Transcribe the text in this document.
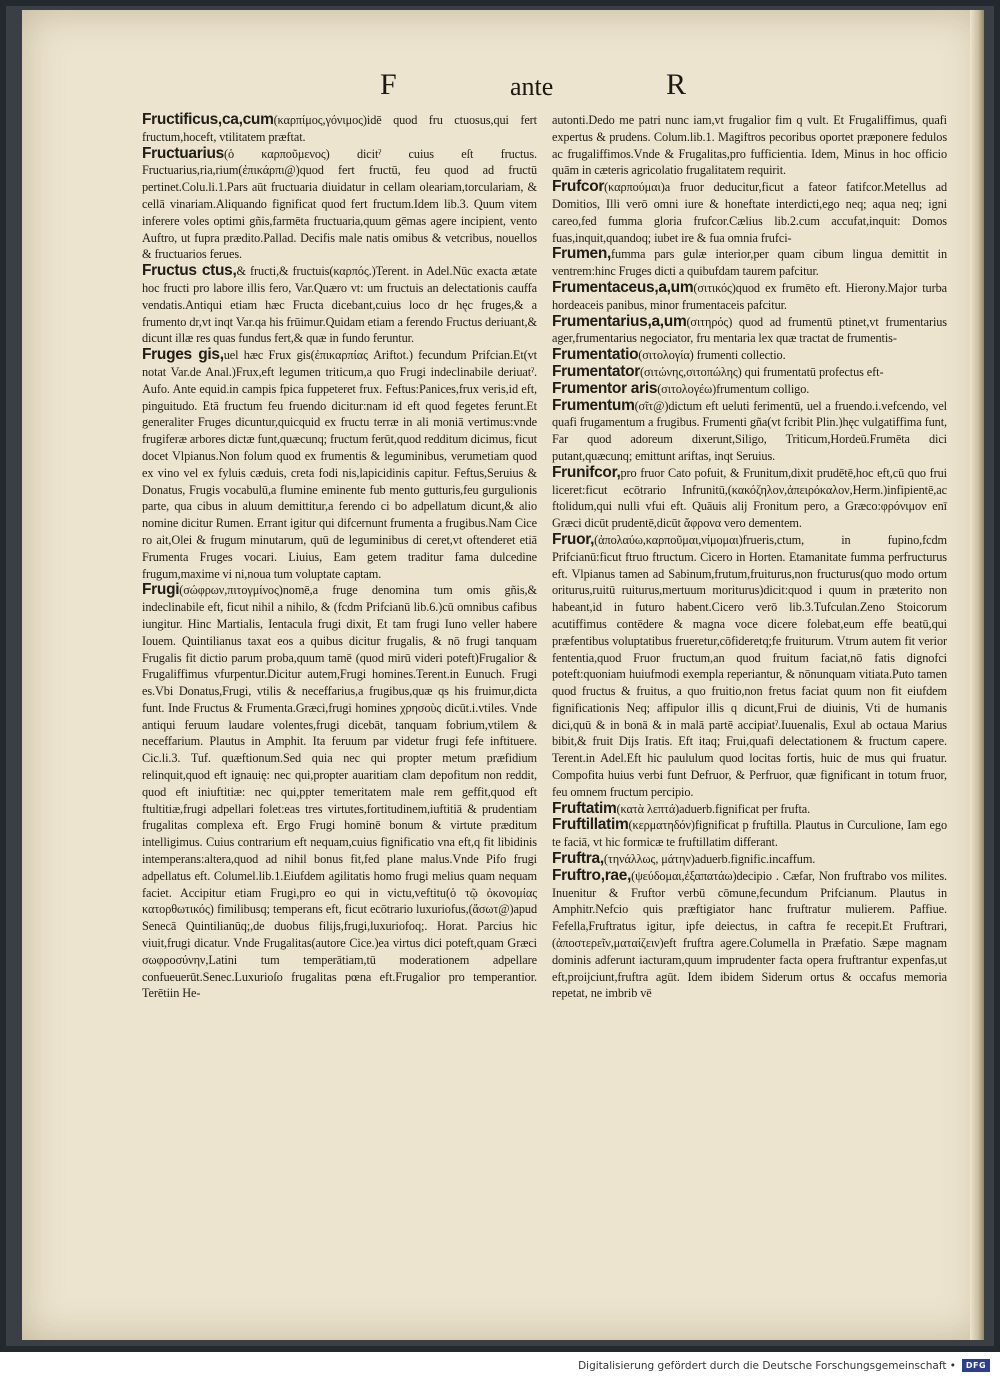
F	ante	R

Fructificus,ca,cum(καρπίμος,γόνιμος)idē quod fru ctuosus,qui fert fructum,hoceft, vtilitatem præftat.

Fructuarius(ὁ καρποῦμενος) dicitˀ cuius eſt fructus. Fructuarius,ria,rium(ἐπικάρπι@)quod fert fructū, feu quod ad fructū pertinet.Colu.li.1.Pars aūt fructuaria diuidatur in cellam oleariam,torculariam, & cellā vinariam.Aliquando fignificat quod fert fructum.Idem lib.3. Quum vitem inferere voles optimi gñis,farmēta fructuaria,quum gēmas agere incipient, vento Auftro, ut fupra prædito.Pallad. Decifis male natis omibus & vetcribus, nouellos & fructuarios ferues.

Fructus ctus,& fructi,& fructuis(καρπός.)Terent. in Adel.Nūc exacta ætate hoc fructi pro labore illis fero, Var.Quæro vt: um fructuis an delectationis cauffa vendatis.Antiqui etiam hæc Fructa dicebant,cuius loco dr hęc fruges,& a frumento dr,vt inqt Var.qa his frūimur.Quidam etiam a ferendo Fructus deriuant,& dicunt illæ res quas fundus fert,& quæ in fundo feruntur.

Fruges gis,uel hæc Frux gis(ἐπικαρπίας Ariftot.) fecundum Prifcian.Et(vt notat Var.de Anal.)Frux,eft legumen triticum,a quo Frugi indeclinabile deriuatˀ. Aufo. Ante equid.in campis fpica fuppeteret frux. Feftus:Panices,frux veris,id eft, pinguitudo. Etā fructum feu fruendo dicitur:nam id eft quod fegetes ferunt.Et generaliter Fruges dicuntur,quicquid ex fructu terræ in ali moniā vertimus:vnde frugiferæ arbores dictæ funt,quæcunq; fructum ferūt,quod redditum dicimus, ficut docet Vlpianus.Non folum quod ex frumentis & leguminibus, verumetiam quod ex vino vel ex fyluis cæduis, creta fodi nis,lapicidinis capitur. Feftus,Seruius & Donatus, Frugis vocabulū,a flumine eminente fub mento gutturis,feu gurgulionis parte, qua cibus in aluum demittitur,a ferendo ci bo adpellatum dicunt,& alio nomine dicitur Rumen. Errant igitur qui difcernunt frumenta a frugibus.Nam Cice ro ait,Olei & frugum minutarum, quū de leguminibus di ceret,vt oftenderet etiā Frumenta Fruges vocari. Liuius, Eam getem traditur fama dulcedine frugum,maxime vi ni,noua tum voluptate captam.

Frugi(σώφρων,πιτογμίνος)nomē,a fruge denomina tum omis gñis,& indeclinabile eft, ficut nihil a nihilo, & (fcdm Prifcianū lib.6.)cū omnibus cafibus iungitur. Hinc Martialis, Ientacula frugi dixit, Et tam frugi Iuno veller habere Iouem. Quintilianus taxat eos a quibus dicitur frugalis, & nō frugi tanquam Frugalis fit dictio parum proba,quum tamē (quod mirū videri poteft)Frugalior & Frugaliffimus vfurpentur.Dicitur autem,Frugi homines.Terent.in Eunuch. Frugi es.Vbi Donatus,Frugi, vtilis & neceffarius,a frugibus,quæ qs his fruimur,dicta funt. Inde Fructus & Frumenta.Græci,frugi homines χρησοὺς dicūt.i.vtiles. Vnde antiqui feruum laudare volentes,frugi dicebāt, tanquam fobrium,vtilem & neceffarium. Plautus in Amphit. Ita feruum par videtur frugi fefe inftituere. Cic.li.3. Tuf. quæftionum.Sed quia nec qui propter metum præfidium relinquit,quod eft ignauię: nec qui,propter auaritiam clam depofitum non reddit, quod eft iniuftitiæ: nec qui,ppter temeritatem male rem geffit,quod eft ftultitiæ,frugi adpellari folet:eas tres virtutes,fortitudinem,iuftitiā & prudentiam frugalitas complexa eft. Ergo Frugi hominē bonum & virtute præditum intelligimus. Cuius contrarium eft nequam,cuius fignificatio vna eft,q fit libidinis intemperans:altera,quod ad nihil bonus fit,fed plane malus.Vnde Pifo frugi adpellatus eft. Columel.lib.1.Eiufdem agilitatis homo frugi melius quam nequam faciet. Accipitur etiam Frugi,pro eo qui in victu,veftitu(ὁ τῷ ὀκονομίας κατορθωτικός) fimilibusq; temperans eft, ficut ecōtrario luxuriofus,(ἄσωτ@)apud Senecā Quintilianūq;,de duobus filijs,frugi,luxuriofoq;. Horat. Parcius hic viuit,frugi dicatur. Vnde Frugalitas(autore Cice.)ea virtus dici poteft,quam Græci σωφροσύνην,Latini tum temperātiam,tū moderationem adpellare confueuerūt.Senec.Luxurioſo frugalitas pœna eft.Frugalior pro temperantior. Terētiin He-

autonti.Dedo me patri nunc iam,vt frugalior fim q vult. Et Frugaliffimus, quafi expertus & prudens. Colum.lib.1. Magiftros pecoribus oportet præponere fedulos ac frugaliffimos.Vnde & Frugalitas,pro fufficientia. Idem, Minus in hoc officio quām in cæteris agricolatio frugalitatem requirit.

Frufcor(καρπούμαι)a fruor deducitur,ficut a fateor fatifcor.Metellus ad Domitios, Illi verō omni iure & honeftate interdicti,ego neq; aqua neq; igni careo,fed fumma gloria frufcor.Cælius lib.2.cum accufat,inquit: Domos fuas,inquit,quandoq; iubet ire & fua omnia frufci-

Frumen,fumma pars gulæ interior,per quam cibum lingua demittit in ventrem:hinc Fruges dicti a quibufdam taurem pafcitur.

Frumentaceus,a,um(σιτικός)quod ex frumēto eft. Hierony.Major turba hordeaceis panibus, minor frumentaceis pafcitur.

Frumentarius,a,um(σιτηρός) quod ad frumentū ptinet,vt frumentarius ager,frumentarius negociator, fru mentaria lex quæ tractat de frumentis-

Frumentatio(σιτολογία) frumenti collectio.

Frumentator(σιτώνης,σιτοπώλης) qui frumentatū profectus eft-

Frumentor aris(σιτολογέω)frumentum colligo.

Frumentum(σῖτ@)dictum eft ueluti ferimentū, uel a fruendo.i.vefcendo, vel quafi frugamentum a frugibus. Frumenti gña(vt fcribit Plin.)hęc vulgatiffima funt, Far quod adoreum dixerunt,Siligo, Triticum,Hordeū.Frumēta dici putant,quæcunq; emittunt ariftas, inqt Seruius.

Frunifcor,pro fruor Cato pofuit, & Frunitum,dixit prudētē,hoc eft,cū quo frui liceret:ficut ecōtrario Infrunitū,(κακόζηλον,ἀπειρόκαλον,Herm.)infipientē,ac ftolidum,qui nulli vfui eft. Quāuis alij Fronitum pero, a Græco:φρόνιμον enī Græci dicūt prudentē,dicūt ἄφρονα vero dementem.

Fruor,(ἀπολαύω,καρποῦμαι,νίμομαι)frueris,ctum, in fupino,fcdm Prifcianū:ficut ftruo ftructum. Cicero in Horten. Etamanitate fumma perfructurus eft. Vlpianus tamen ad Sabinum,frutum,fruiturus,non fructurus(quo modo ortum oriturus,ruitū ruiturus,mertuum moriturus)dicit:quod i quum in præterito non habeant,id in futuro habent.Cicero verō lib.3.Tufculan.Zeno Stoicorum acutiffimus contēdere & magna voce dicere folebat,eum effe beatū,qui præfentibus voluptatibus frueretur,cōfideretq;fe fruiturum. Vtrum autem fit verior fententia,quod Fruor fructum,an quod fruitum faciat,nō fatis dignofci poteft:quoniam huiufmodi exempla reperiantur, & nōnunquam vitiata.Puto tamen quod fructus & fruitus, a quo fruitio,non fretus faciat quum non fit eiufdem fignificationis Neq; affipulor illis q dicunt,Frui de diuinis, Vti de humanis dici,quū & in bonā & in malā partē accipiatˀ.Iuuenalis, Exul ab octaua Marius bibit,& fruit Dijs Iratis. Eft itaq; Frui,quafi delectationem & fructum capere. Terent.in Adel.Eft hic paululum quod locitas fortis, huic de mus qui fruatur. Compofita huius verbi funt Defruor, & Perfruor, quæ fignificant in totum fruor, feu omnem fructum percipio.

Fruftatim(κατὰ λεπτά)aduerb.fignificat per frufta.

Fruftillatim(κερματηδόν)fignificat p fruftilla. Plautus in Curculione, Iam ego te faciā, vt hic formicæ te fruftillatim differant.

Fruftra,(τηνάλλως, μάτην)aduerb.fignific.incaffum.

Fruftro,rae,(ψεύδομαι,ἐξαπατάω)decipio . Cæfar, Non fruftrabo vos milites. Inuenitur & Fruftor verbū cōmune,fecundum Prifcianum. Plautus in Amphitr.Nefcio quis præftigiator hanc fruftratur mulierem. Paffiue. Fefella,Fruftratus igitur, ipfe deiectus, in caftra fe recepit.Et Fruftrari,(ἀποστερεῖν,ματαίζειν)eft fruftra agere.Columella in Præfatio. Sæpe magnam dominis adferunt iacturam,quum imprudenter facta opera fruftrantur expenfas,ut eft,proijciunt,fruftra agūt. Idem ibidem Siderum ortus & occafus memoria repetat, ne imbrib vē

Digitalisierung gefördert durch die Deutsche Forschungsgemeinschaft •	DFG
